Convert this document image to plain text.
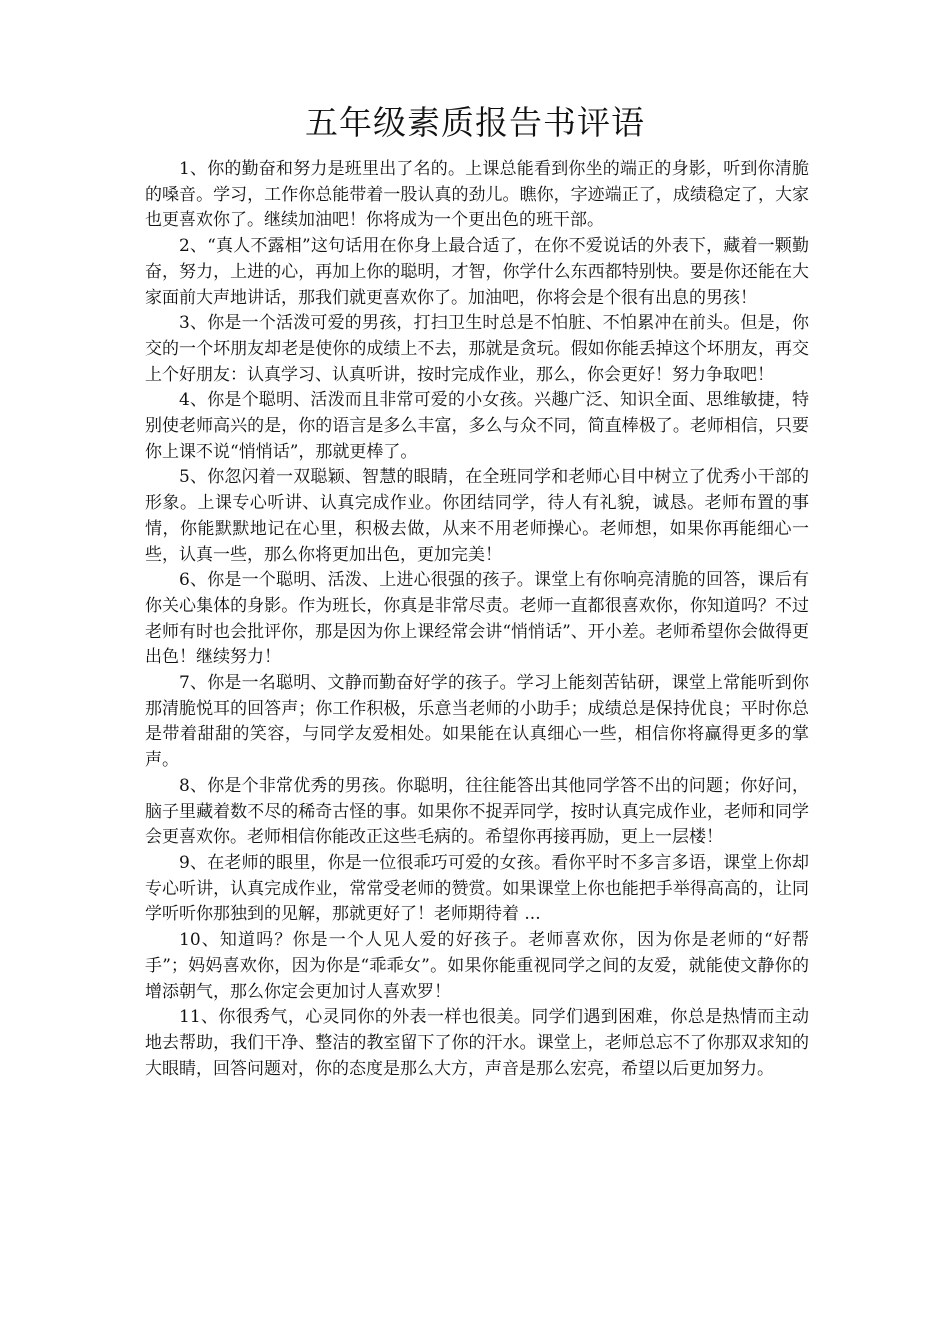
五年级素质报告书评语

1、你的勤奋和努力是班里出了名的。上课总能看到你坐的端正的身影，听到你清脆的嗓音。学习，工作你总能带着一股认真的劲儿。瞧你，字迹端正了，成绩稳定了，大家也更喜欢你了。继续加油吧！你将成为一个更出色的班干部。

2、“真人不露相”这句话用在你身上最合适了，在你不爱说话的外表下，藏着一颗勤奋，努力，上进的心，再加上你的聪明，才智，你学什么东西都特别快。要是你还能在大家面前大声地讲话，那我们就更喜欢你了。加油吧，你将会是个很有出息的男孩！

3、你是一个活泼可爱的男孩，打扫卫生时总是不怕脏、不怕累冲在前头。但是，你交的一个坏朋友却老是使你的成绩上不去，那就是贪玩。假如你能丢掉这个坏朋友，再交上个好朋友：认真学习、认真听讲，按时完成作业，那么，你会更好！努力争取吧！

4、你是个聪明、活泼而且非常可爱的小女孩。兴趣广泛、知识全面、思维敏捷，特别使老师高兴的是，你的语言是多么丰富，多么与众不同，简直棒极了。老师相信，只要你上课不说“悄悄话”，那就更棒了。

5、你忽闪着一双聪颖、智慧的眼睛，在全班同学和老师心目中树立了优秀小干部的形象。上课专心听讲、认真完成作业。你团结同学，待人有礼貌，诚恳。老师布置的事情，你能默默地记在心里，积极去做，从来不用老师操心。老师想，如果你再能细心一些，认真一些，那么你将更加出色，更加完美！

6、你是一个聪明、活泼、上进心很强的孩子。课堂上有你响亮清脆的回答，课后有你关心集体的身影。作为班长，你真是非常尽责。老师一直都很喜欢你，你知道吗？不过老师有时也会批评你，那是因为你上课经常会讲“悄悄话”、开小差。老师希望你会做得更出色！继续努力！

7、你是一名聪明、文静而勤奋好学的孩子。学习上能刻苦钻研，课堂上常能听到你那清脆悦耳的回答声；你工作积极，乐意当老师的小助手；成绩总是保持优良；平时你总是带着甜甜的笑容，与同学友爱相处。如果能在认真细心一些，相信你将赢得更多的掌声。

8、你是个非常优秀的男孩。你聪明，往往能答出其他同学答不出的问题；你好问，脑子里藏着数不尽的稀奇古怪的事。如果你不捉弄同学，按时认真完成作业，老师和同学会更喜欢你。老师相信你能改正这些毛病的。希望你再接再励，更上一层楼！

9、在老师的眼里，你是一位很乖巧可爱的女孩。看你平时不多言多语，课堂上你却专心听讲，认真完成作业，常常受老师的赞赏。如果课堂上你也能把手举得高高的，让同学听听你那独到的见解，那就更好了！老师期待着 ...

10、知道吗？你是一个人见人爱的好孩子。老师喜欢你，因为你是老师的“好帮手”；妈妈喜欢你，因为你是“乖乖女”。如果你能重视同学之间的友爱，就能使文静你的增添朝气，那么你定会更加讨人喜欢罗！

11、你很秀气，心灵同你的外表一样也很美。同学们遇到困难，你总是热情而主动地去帮助，我们干净、整洁的教室留下了你的汗水。课堂上，老师总忘不了你那双求知的大眼睛，回答问题对，你的态度是那么大方，声音是那么宏亮，希望以后更加努力。
